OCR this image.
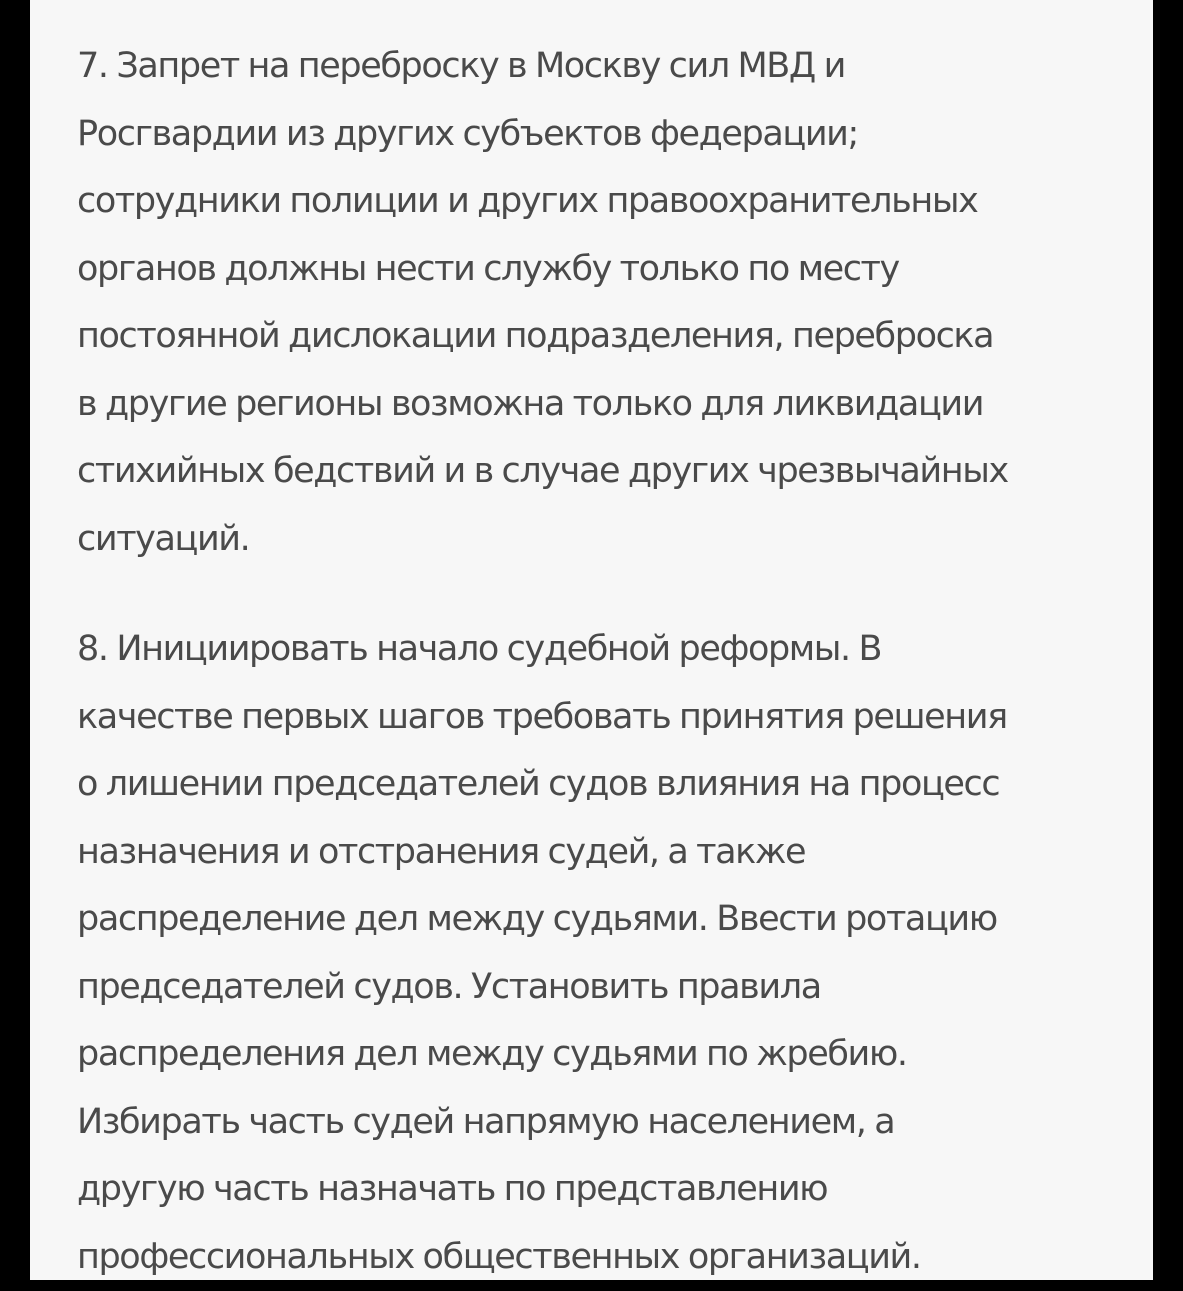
7. Запрет на переброску в Москву сил МВД и
Росгвардии из других субъектов федерации;
сотрудники полиции и других правоохранительных
органов должны нести службу только по месту
постоянной дислокации подразделения, переброска
в другие регионы возможна только для ликвидации
стихийных бедствий и в случае других чрезвычайных
ситуаций.

8. Инициировать начало судебной реформы. В
качестве первых шагов требовать принятия решения
о лишении председателей судов влияния на процесс
назначения и отстранения судей, а также
распределение дел между судьями. Ввести ротацию
председателей судов. Установить правила
распределения дел между судьями по жребию.
Избирать часть судей напрямую населением, а
другую часть назначать по представлению
профессиональных общественных организаций.
